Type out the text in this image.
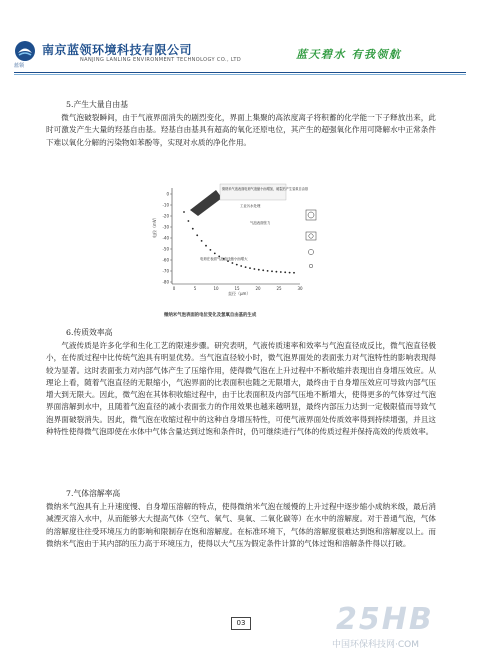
南京蓝领环境科技有限公司
NANJING LANLING ENVIRONMENT TECHNOLOGY CO., LTD
蓝领
蓝天碧水 有我领航
5.产生大量自由基

微气泡破裂瞬间，由于气液界面消失的剧烈变化，界面上集聚的高浓度离子将积蓄的化学能一下子释放出来，此时可激发产生大量的羟基自由基。羟基自由基具有超高的氧化还原电位，其产生的超强氧化作用可降解水中正常条件下难以氧化分解的污染物如苯酚等，实现对水质的净化作用。

0
-10
-20
-30
-40
-50
-60
-70
-80
0	5	10	15	20	25	30
电位（mV）
直径（μm）
微纳米气泡表面电荷气泡缩小而增加，破裂后产生氢氧自由基
工业污水处理
气泡表面张力
电荷在表面气泡直径缩小而增大
微纳米气泡表面的电位变化及氢氧自由基的生成
6.传质效率高

气液传质是许多化学和生化工艺的限速步骤。研究表明，气液传质速率和效率与气泡直径成反比，微气泡直径极小，在传质过程中比传统气泡具有明显优势。当气泡直径较小时，微气泡界面处的表面张力对气泡特性的影响表现得较为显著。这时表面张力对内部气体产生了压缩作用，使得微气泡在上升过程中不断收缩并表现出自身增压效应。从理论上看，随着气泡直径的无限缩小，气泡界面的比表面积也随之无限增大，最终由于自身增压效应可导致内部气压增大到无限大。因此，微气泡在其体积收缩过程中，由于比表面积及内部气压地不断增大，使得更多的气体穿过气泡界面溶解到水中，且随着气泡直径的减小表面张力的作用效果也越来越明显，最终内部压力达到一定极限值而导致气泡界面破裂消失。因此，微气泡在收缩过程中的这种自身增压特性，可使气液界面处传质效率得到持续增强，并且这种特性使得微气泡即使在水体中气体含量达到过饱和条件时，仍可继续进行气体的传质过程并保持高效的传质效率。

7.气体溶解率高

微纳米气泡具有上升速度慢、自身增压溶解的特点，使得微纳米气泡在缓慢的上升过程中逐步缩小成纳米级，最后消减湮灭溶入水中，从而能够大大提高气体（空气、氧气、臭氧、二氧化碳等）在水中的溶解度。对于普通气泡，气体的溶解度往往受环境压力的影响和限制存在饱和溶解度。在标准环境下，气体的溶解度很难达到饱和溶解度以上。而微纳米气泡由于其内部的压力高于环境压力，使得以大气压为假定条件计算的气体过饱和溶解条件得以打破。

03	25HB
中国环保科技网·COM
